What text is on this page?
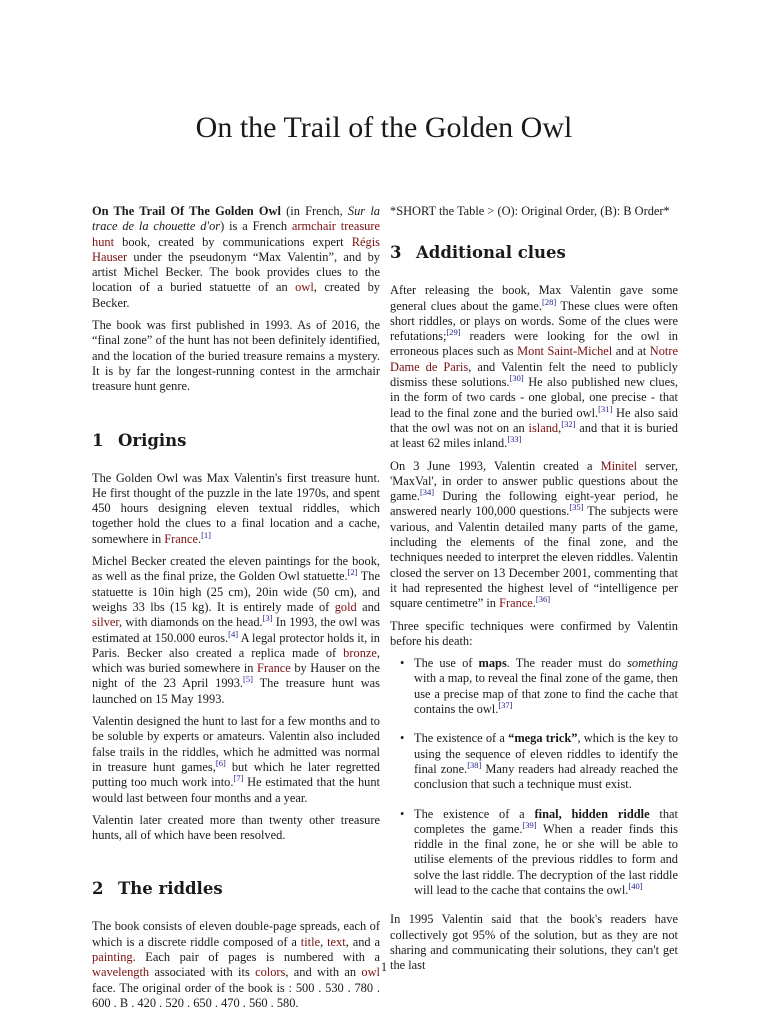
On the Trail of the Golden Owl

On The Trail Of The Golden Owl (in French, Sur la trace de la chouette d'or) is a French armchair treasure hunt book, created by communications expert Régis Hauser under the pseudonym “Max Valentin”, and by artist Michel Becker. The book provides clues to the location of a buried statuette of an owl, created by Becker.

The book was first published in 1993. As of 2016, the “final zone” of the hunt has not been definitely identified, and the location of the buried treasure remains a mystery. It is by far the longest-running contest in the armchair treasure hunt genre.

1 Origins

The Golden Owl was Max Valentin's first treasure hunt. He first thought of the puzzle in the late 1970s, and spent 450 hours designing eleven textual riddles, which together hold the clues to a final location and a cache, somewhere in France.[1]

Michel Becker created the eleven paintings for the book, as well as the final prize, the Golden Owl statuette.[2] The statuette is 10in high (25 cm), 20in wide (50 cm), and weighs 33 lbs (15 kg). It is entirely made of gold and silver, with diamonds on the head.[3] In 1993, the owl was estimated at 150.000 euros.[4] A legal protector holds it, in Paris. Becker also created a replica made of bronze, which was buried somewhere in France by Hauser on the night of the 23 April 1993.[5] The treasure hunt was launched on 15 May 1993.

Valentin designed the hunt to last for a few months and to be soluble by experts or amateurs. Valentin also included false trails in the riddles, which he admitted was normal in treasure hunt games,[6] but which he later regretted putting too much work into.[7] He estimated that the hunt would last between four months and a year.

Valentin later created more than twenty other treasure hunts, all of which have been resolved.

2 The riddles

The book consists of eleven double-page spreads, each of which is a discrete riddle composed of a title, text, and a painting. Each pair of pages is numbered with a wavelength associated with its colors, and with an owl face. The original order of the book is : 500 . 530 . 780 . 600 . B . 420 . 520 . 650 . 470 . 560 . 580.

*SHORT the Table > (O): Original Order, (B): B Order*

3 Additional clues

After releasing the book, Max Valentin gave some general clues about the game.[28] These clues were often short riddles, or plays on words. Some of the clues were refutations;[29] readers were looking for the owl in erroneous places such as Mont Saint-Michel and at Notre Dame de Paris, and Valentin felt the need to publicly dismiss these solutions.[30] He also published new clues, in the form of two cards - one global, one precise - that lead to the final zone and the buried owl.[31] He also said that the owl was not on an island,[32] and that it is buried at least 62 miles inland.[33]

On 3 June 1993, Valentin created a Minitel server, 'MaxVal', in order to answer public questions about the game.[34] During the following eight-year period, he answered nearly 100,000 questions.[35] The subjects were various, and Valentin detailed many parts of the game, including the elements of the final zone, and the techniques needed to interpret the eleven riddles. Valentin closed the server on 13 December 2001, commenting that it had represented the highest level of “intelligence per square centimetre” in France.[36]

Three specific techniques were confirmed by Valentin before his death:

• The use of maps. The reader must do something with a map, to reveal the final zone of the game, then use a precise map of that zone to find the cache that contains the owl.[37]
• The existence of a “mega trick”, which is the key to using the sequence of eleven riddles to identify the final zone.[38] Many readers had already reached the conclusion that such a technique must exist.
• The existence of a final, hidden riddle that completes the game.[39] When a reader finds this riddle in the final zone, he or she will be able to utilise elements of the previous riddles to form and solve the last riddle. The decryption of the last riddle will lead to the cache that contains the owl.[40]

In 1995 Valentin said that the book's readers have collectively got 95% of the solution, but as they are not sharing and communicating their solutions, they can't get the last

1
